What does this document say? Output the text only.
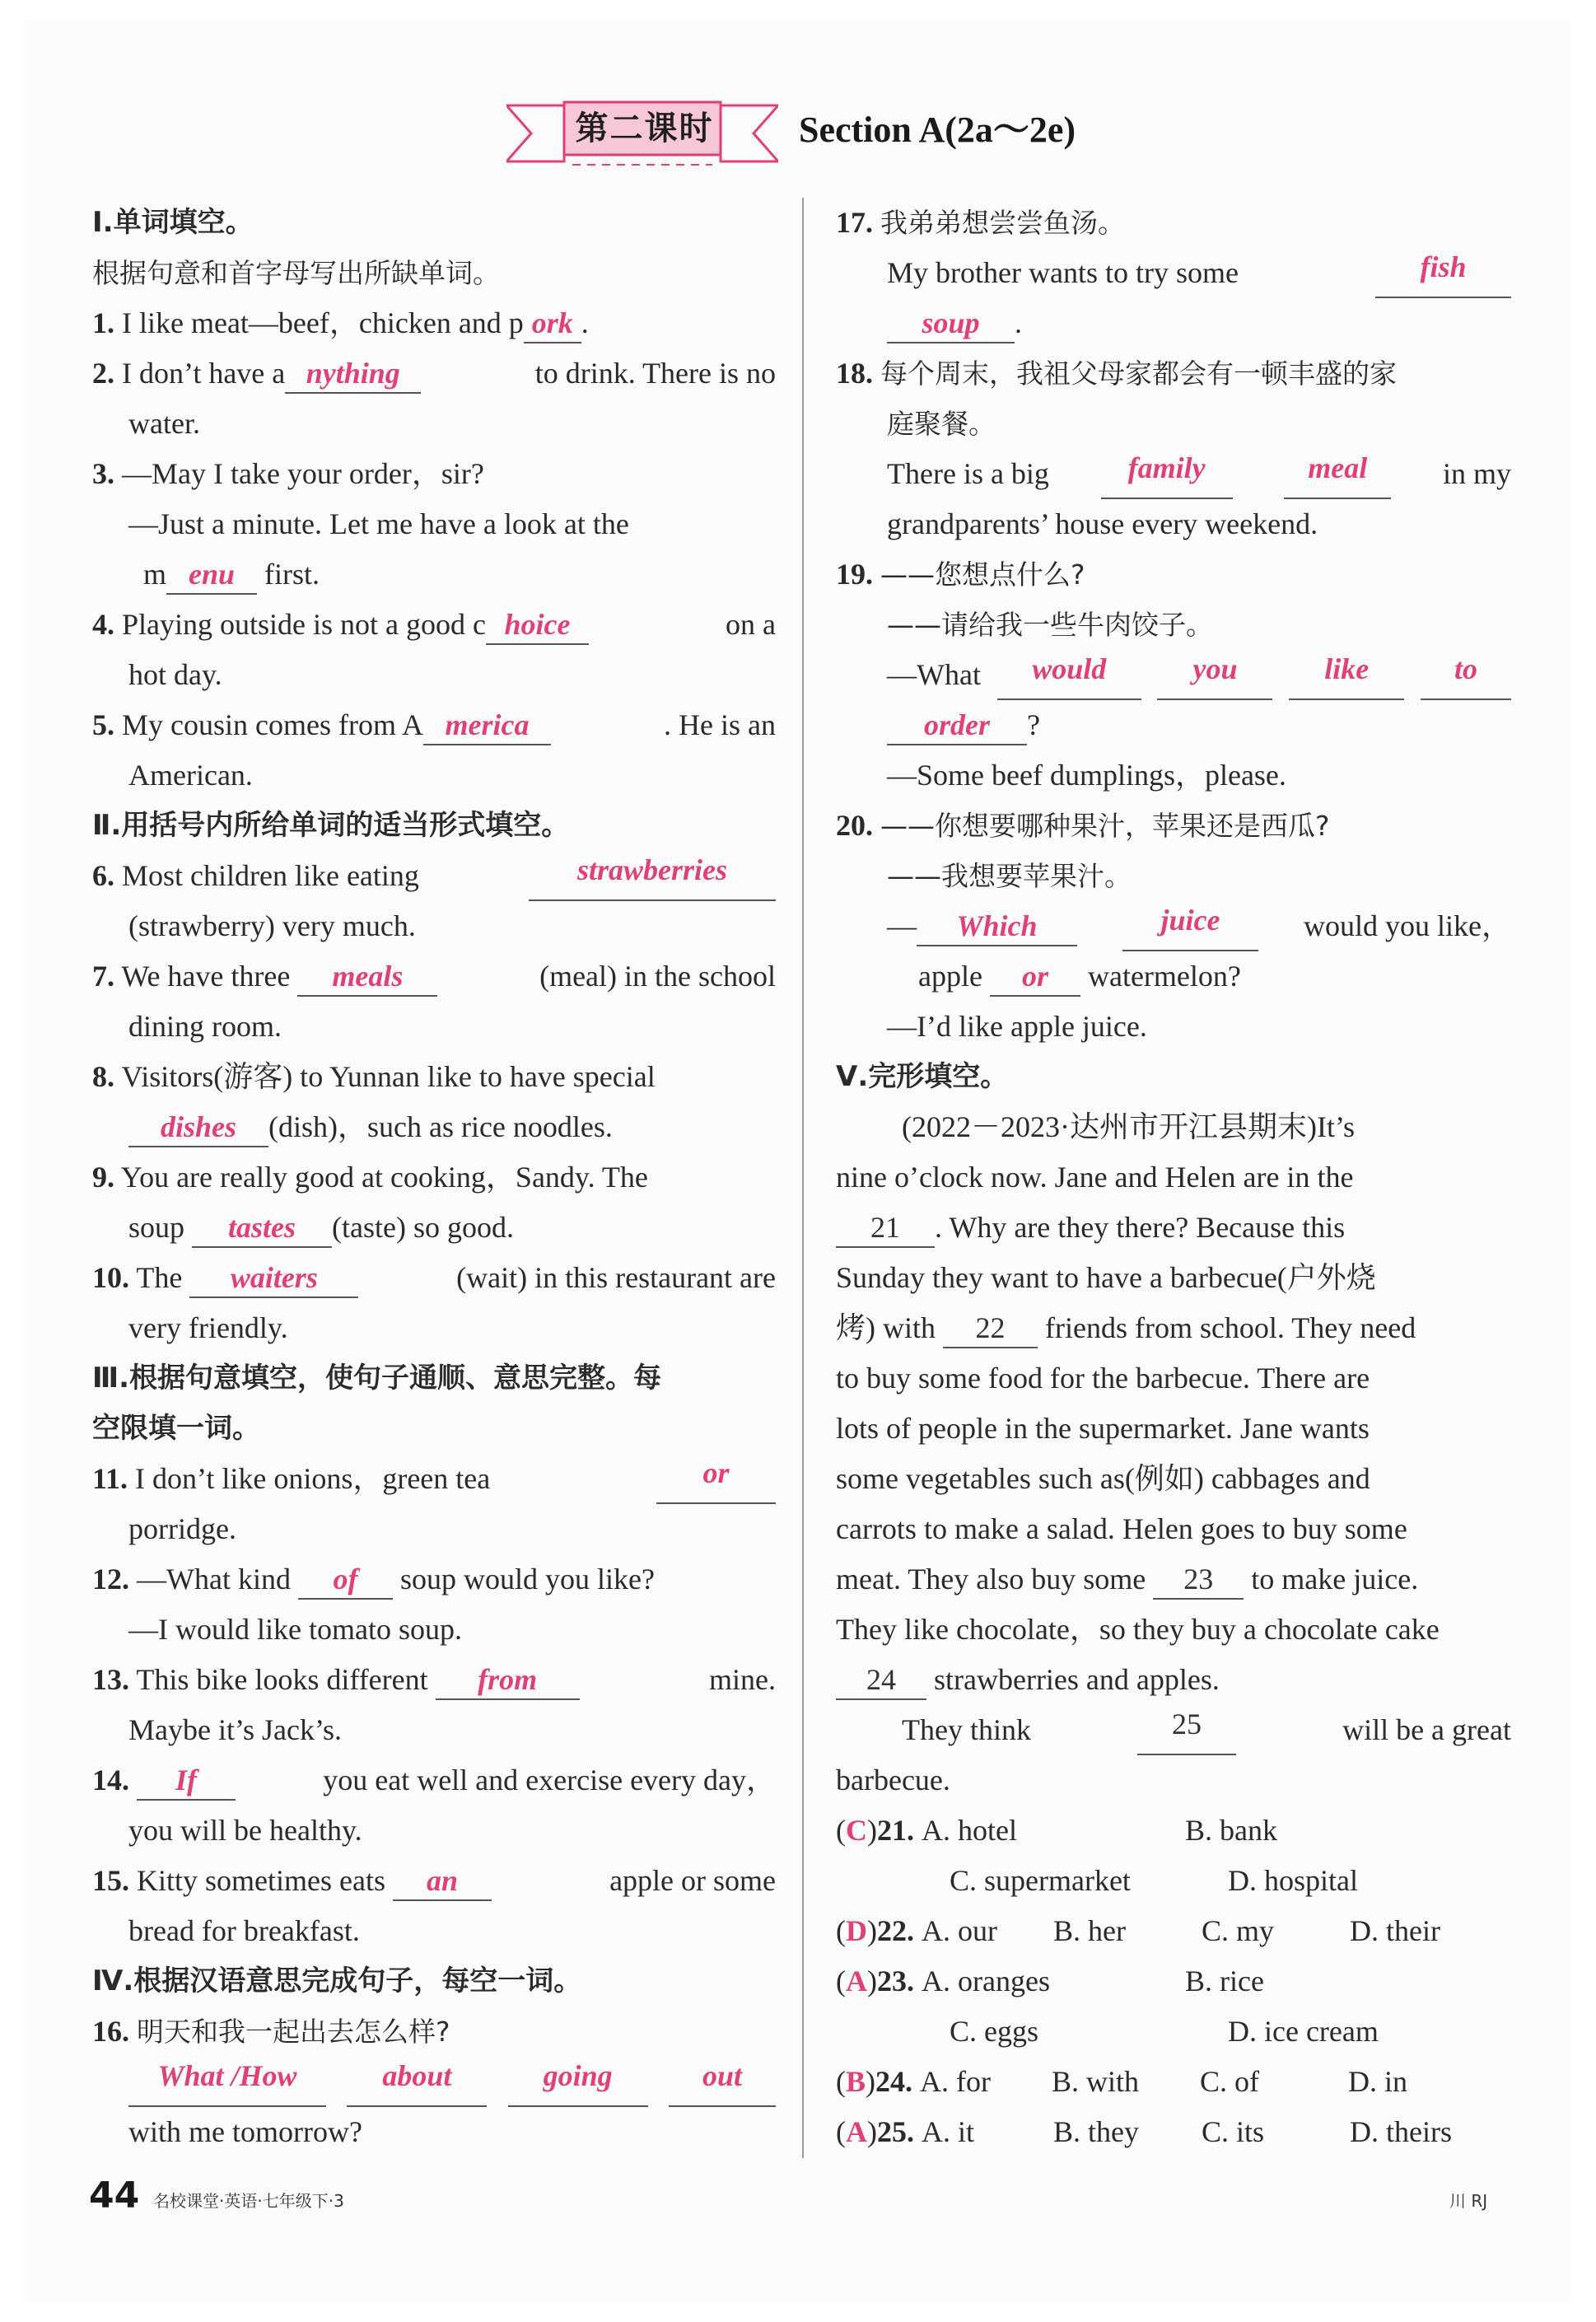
第二课时	Section A(2a～2e)
Ⅰ.单词填空。
根据句意和首字母写出所缺单词。
1. I like meat—beef，chicken and p ork .
2. I don’t have a nything	to drink. There is no
water.
3. —May I take your order，sir?
—Just a minute. Let me have a look at the
m enu first.
4. Playing outside is not a good c hoice	on a
hot day.
5. My cousin comes from A merica	. He is an
American.
Ⅱ.用括号内所给单词的适当形式填空。
6. Most children like eating	strawberries
(strawberry) very much.
7. We have three meals	(meal) in the school
dining room.
8. Visitors(游客) to Yunnan like to have special
dishes (dish)，such as rice noodles.
9. You are really good at cooking，Sandy. The
soup tastes (taste) so good.
10. The waiters	(wait) in this restaurant are
very friendly.
Ⅲ.根据句意填空，使句子通顺、意思完整。每
空限填一词。
11. I don’t like onions，green tea	or
porridge.
12. —What kind of soup would you like?
—I would like tomato soup.
13. This bike looks different from	mine.
Maybe it’s Jack’s.
14. If	you eat well and exercise every day，
you will be healthy.
15. Kitty sometimes eats an	apple or some
bread for breakfast.
Ⅳ.根据汉语意思完成句子，每空一词。
16. 明天和我一起出去怎么样?
What /How	about	going	out
with me tomorrow?
17. 我弟弟想尝尝鱼汤。
My brother wants to try some	fish
soup .
18. 每个周末，我祖父母家都会有一顿丰盛的家
庭聚餐。
There is a big	family	meal	in my
grandparents’ house every weekend.
19. ——您想点什么?
——请给我一些牛肉饺子。
—What	would	you	like	to
order ?
—Some beef dumplings，please.
20. ——你想要哪种果汁，苹果还是西瓜?
——我想要苹果汁。
— Which	juice	would you like，
apple or watermelon?
—I’d like apple juice.
Ⅴ.完形填空。
(2022－2023·达州市开江县期末)It’s
nine o’clock now. Jane and Helen are in the
21 . Why are they there? Because this
Sunday they want to have a barbecue(户外烧
烤) with 22 friends from school. They need
to buy some food for the barbecue. There are
lots of people in the supermarket. Jane wants
some vegetables such as(例如) cabbages and
carrots to make a salad. Helen goes to buy some
meat. They also buy some 23 to make juice.
They like chocolate，so they buy a chocolate cake
24 strawberries and apples.
They think	25	will be a great
barbecue.
(C)21. A. hotel	B. bank
C. supermarket	D. hospital
(D)22. A. our B. her	C. my	D. their
(A)23. A. oranges	B. rice
C. eggs	D. ice cream
(B)24. A. for B. with C. of	D. in
(A)25. A. it	B. they C. its	D. theirs
44 名校课堂·英语·七年级下·3	川 RJ
